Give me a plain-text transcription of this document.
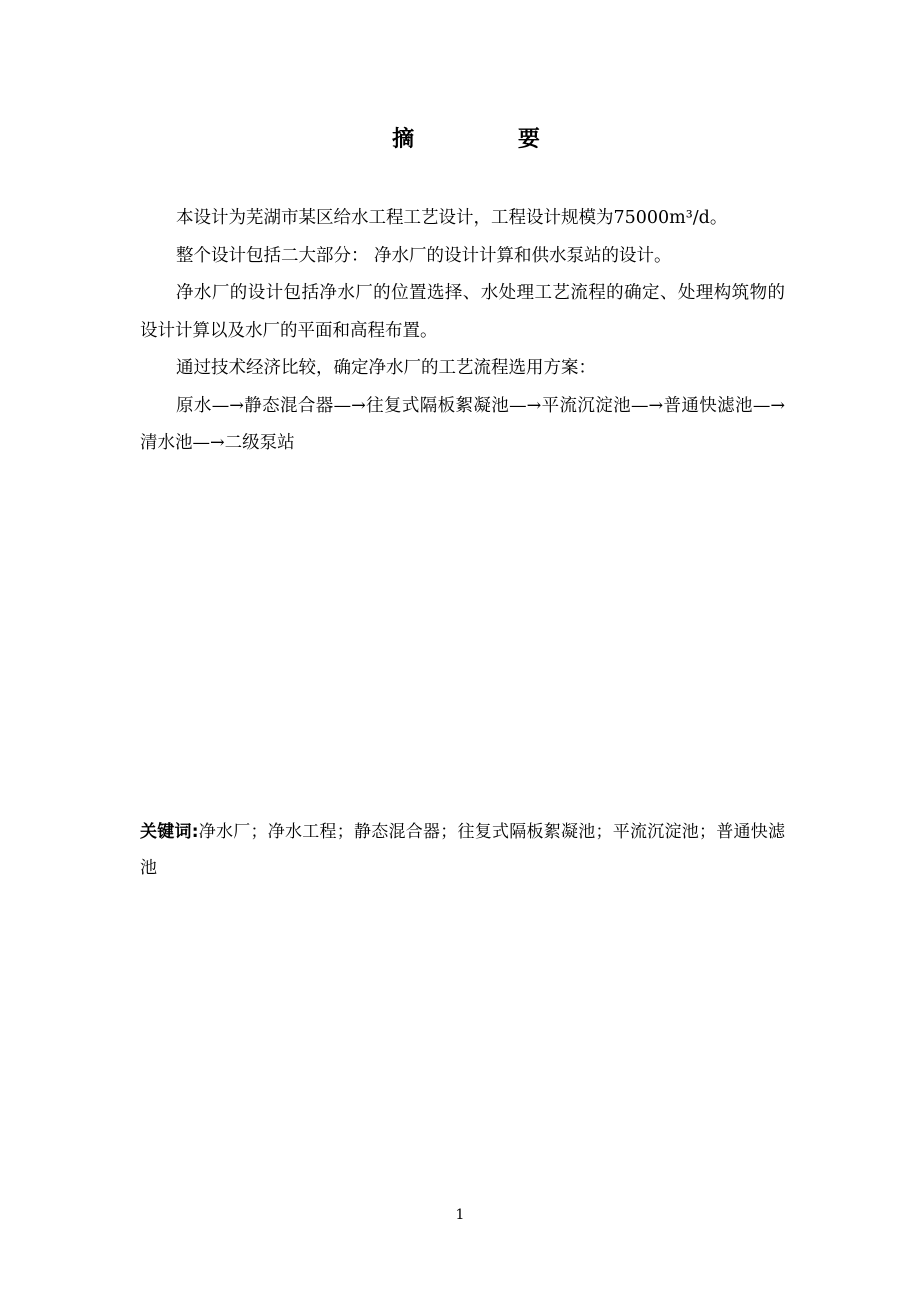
摘 要

本设计为芜湖市某区给水工程工艺设计，工程设计规模为75000m³/d。

整个设计包括二大部分： 净水厂的设计计算和供水泵站的设计。

净水厂的设计包括净水厂的位置选择、水处理工艺流程的确定、处理构筑物的设计计算以及水厂的平面和高程布置。

通过技术经济比较，确定净水厂的工艺流程选用方案：

原水—→静态混合器—→往复式隔板絮凝池—→平流沉淀池—→普通快滤池—→清水池—→二级泵站

关键词:净水厂；净水工程；静态混合器；往复式隔板絮凝池；平流沉淀池；普通快滤池
1
